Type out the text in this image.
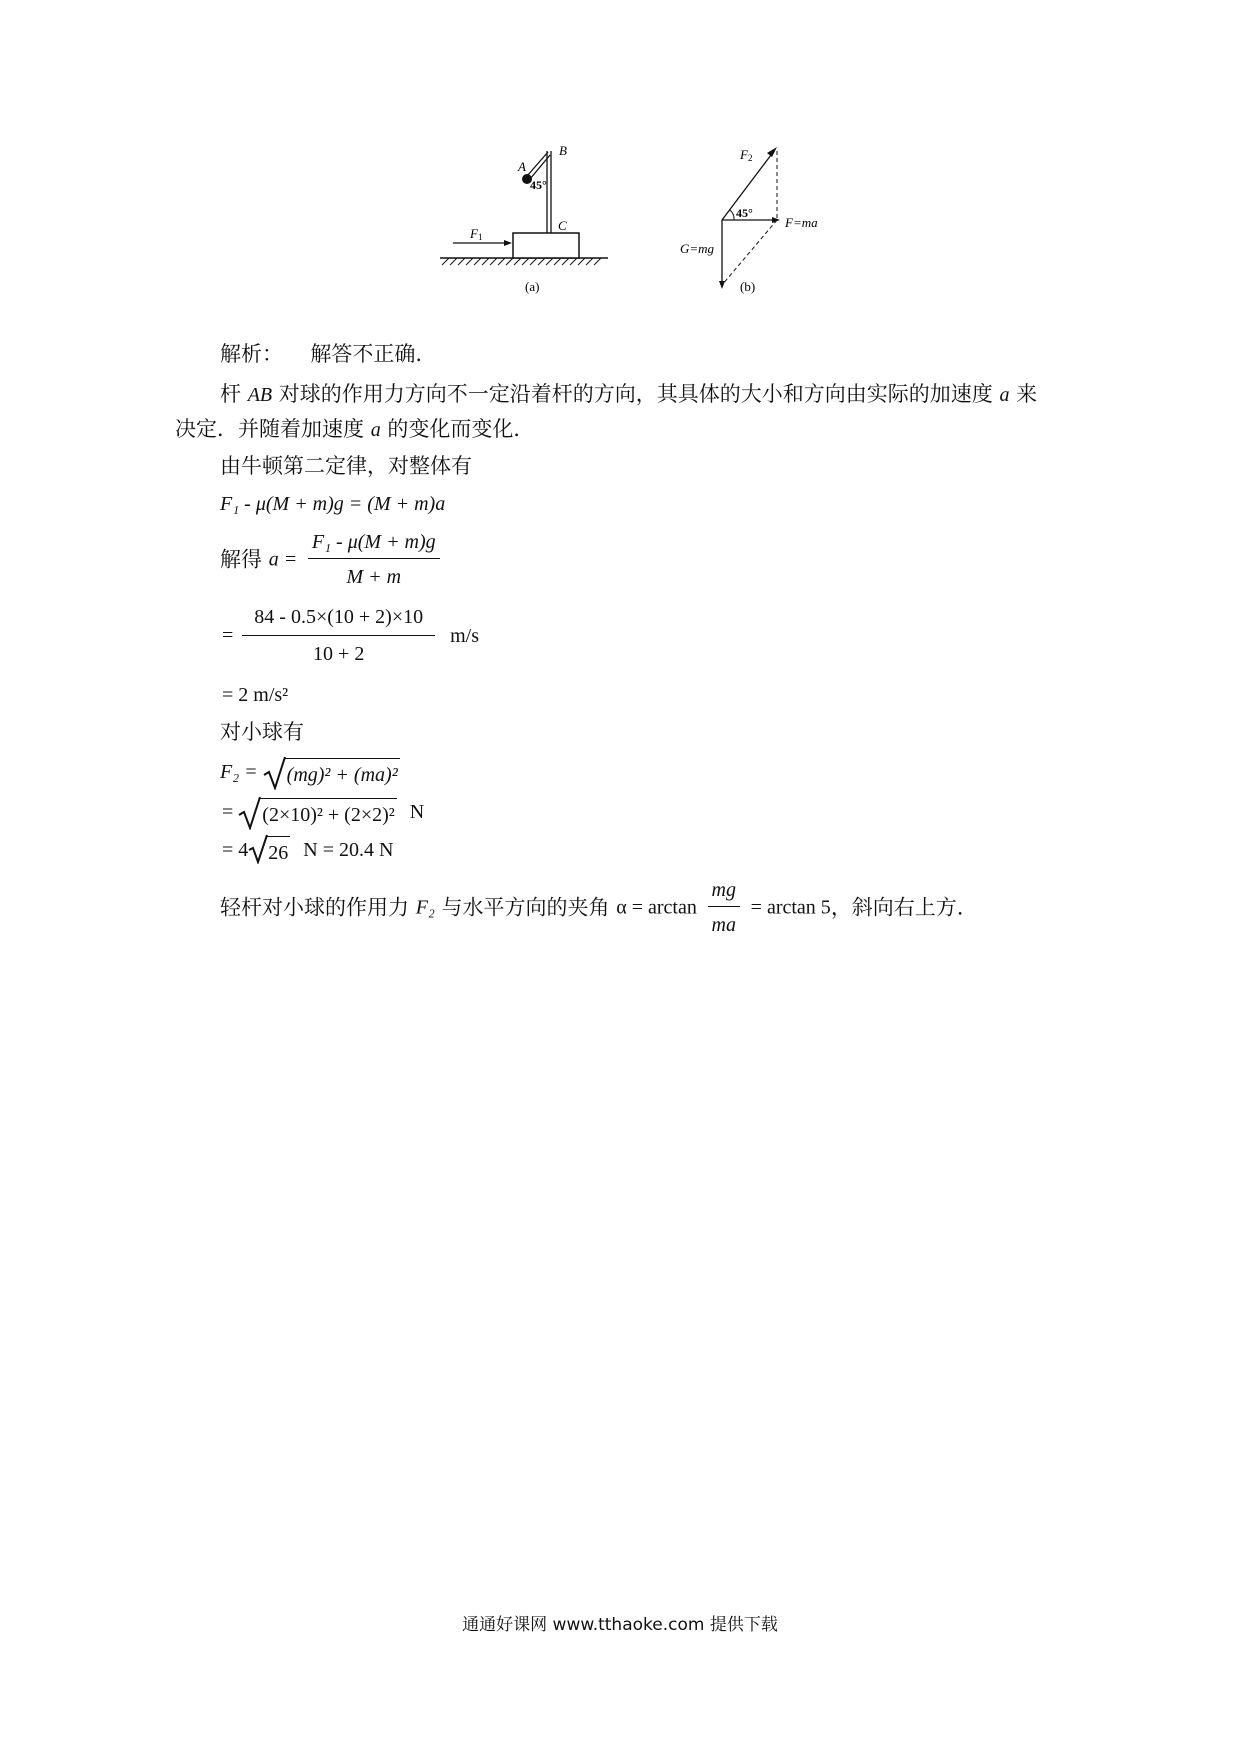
F1
A
B
C
45°
(a)
F2
45°
F=ma
G=mg
(b)
解析： 解答不正确.
杆 AB 对球的作用力方向不一定沿着杆的方向，其具体的大小和方向由实际的加速度 a 来
决定．并随着加速度 a 的变化而变化．
由牛顿第二定律，对整体有
F₁ - μ(M + m)g = (M + m)a
解得 $a = \frac{\text{F₁ - μ(M + m)g}}{M + m}$
= $\frac{84 - 0.5\times(10 + 2)\times 10}{10 + 2} m/s$
= 2 m/s²
对小球有
F₂ = (mg)² + (ma)²
= (2×10)² + (2×2)² N
= 4 26 N = 20.4 N
轻杆对小球的作用力 F₂ 与水平方向的夹角 $\alpha = \arctan \frac{mg}{ma} = \arctan 5$，斜向右上方.
通通好课网 www.tthaoke.com 提供下载
